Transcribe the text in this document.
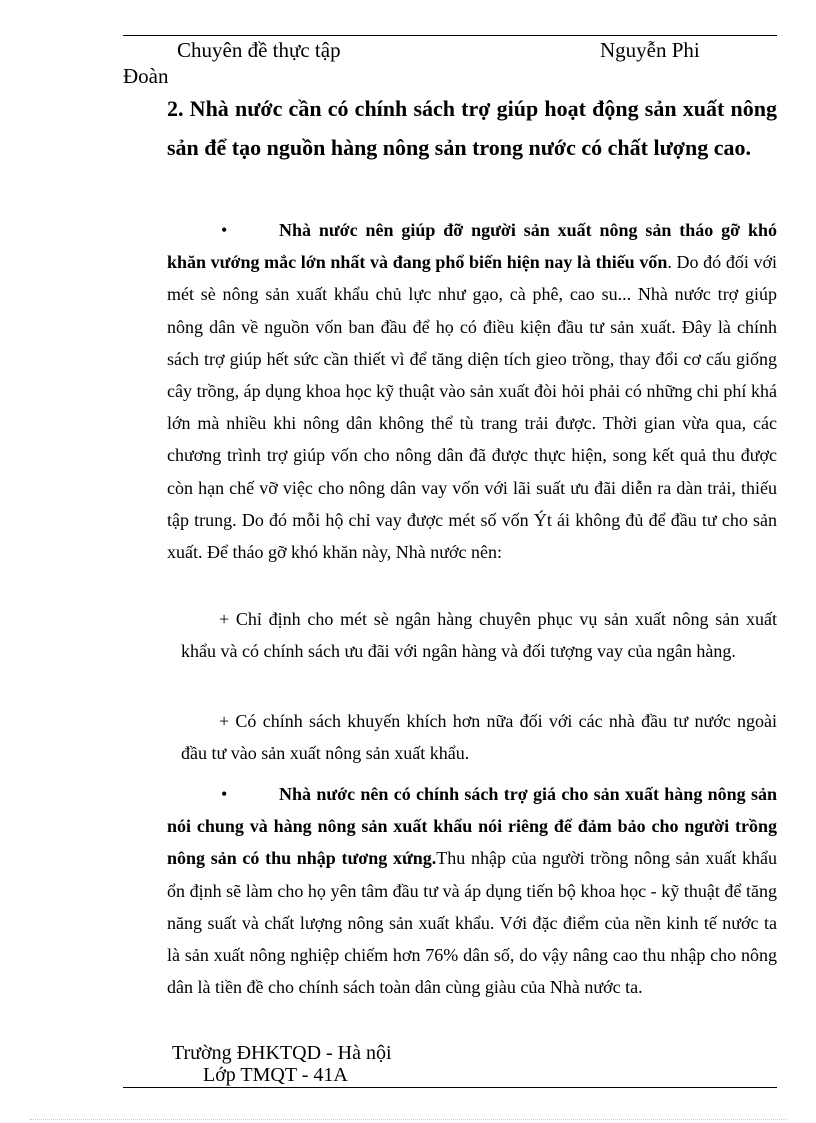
Chuyên đề thực tập	Nguyễn Phi
Đoàn

2. Nhà nước cần có chính sách trợ giúp hoạt động sản xuất nông sản để tạo nguồn hàng nông sản trong nước có chất lượng cao.

•	Nhà nước nên giúp đỡ người sản xuất nông sản tháo gỡ khó khăn vướng mắc lớn nhất và đang phổ biến hiện nay là thiếu vốn. Do đó đối với mét sè nông sản xuất khẩu chủ lực như gạo, cà phê, cao su... Nhà nước trợ giúp nông dân về nguồn vốn ban đầu để họ có điều kiện đầu tư sản xuất. Đây là chính sách trợ giúp hết sức cần thiết vì để tăng diện tích gieo trồng, thay đổi cơ cấu giống cây trồng, áp dụng khoa học kỹ thuật vào sản xuất đòi hỏi phải có những chi phí khá lớn mà nhiều khi nông dân không thể tù trang trải được. Thời gian vừa qua, các chương trình trợ giúp vốn cho nông dân đã được thực hiện, song kết quả thu được còn hạn chế vỡ việc cho nông dân vay vốn với lãi suất ưu đãi diễn ra dàn trải, thiếu tập trung. Do đó mỗi hộ chỉ vay được mét số vốn Ýt ái không đủ để đầu tư cho sản xuất. Để tháo gỡ khó khăn này, Nhà nước nên:

+ Chỉ định cho mét sè ngân hàng chuyên phục vụ sản xuất nông sản xuất khẩu và có chính sách ưu đãi với ngân hàng và đối tượng vay của ngân hàng.

+ Có chính sách khuyến khích hơn nữa đối với các nhà đầu tư nước ngoài đầu tư vào sản xuất nông sản xuất khẩu.

•	Nhà nước nên có chính sách trợ giá cho sản xuất hàng nông sản nói chung và hàng nông sản xuất khẩu nói riêng để đảm bảo cho người trồng nông sản có thu nhập tương xứng.Thu nhập của người trồng nông sản xuất khẩu ổn định sẽ làm cho họ yên tâm đầu tư và áp dụng tiến bộ khoa học - kỹ thuật để tăng năng suất và chất lượng nông sản xuất khẩu. Với đặc điểm của nền kinh tế nước ta là sản xuất nông nghiệp chiếm hơn 76% dân số, do vậy nâng cao thu nhập cho nông dân là tiền đề cho chính sách toàn dân cùng giàu của Nhà nước ta.

Trường ĐHKTQD - Hà nội
Lớp TMQT - 41A
